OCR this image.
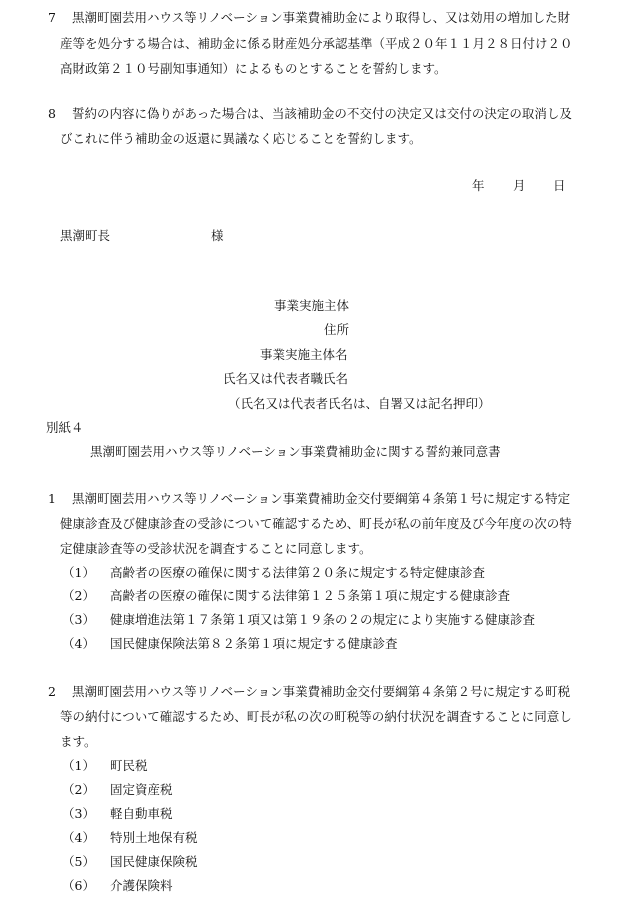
7 黒潮町園芸用ハウス等リノベーション事業費補助金により取得し、又は効用の増加した財
産等を処分する場合は、補助金に係る財産処分承認基準（平成２０年１１月２８日付け２０
高財政第２１０号副知事通知）によるものとすることを誓約します。
8 誓約の内容に偽りがあった場合は、当該補助金の不交付の決定又は交付の決定の取消し及
びこれに伴う補助金の返還に異議なく応じることを誓約します。
年 月 日
黒潮町長	様
事業実施主体
住所
事業実施主体名
氏名又は代表者職氏名
（氏名又は代表者氏名は、自署又は記名押印）
別紙４
黒潮町園芸用ハウス等リノベーション事業費補助金に関する誓約兼同意書
1 黒潮町園芸用ハウス等リノベーション事業費補助金交付要綱第４条第１号に規定する特定
健康診査及び健康診査の受診について確認するため、町長が私の前年度及び今年度の次の特
定健康診査等の受診状況を調査することに同意します。
（1） 高齢者の医療の確保に関する法律第２０条に規定する特定健康診査
（2） 高齢者の医療の確保に関する法律第１２５条第１項に規定する健康診査
（3） 健康増進法第１７条第１項又は第１９条の２の規定により実施する健康診査
（4） 国民健康保険法第８２条第１項に規定する健康診査
2 黒潮町園芸用ハウス等リノベーション事業費補助金交付要綱第４条第２号に規定する町税
等の納付について確認するため、町長が私の次の町税等の納付状況を調査することに同意し
ます。
（1） 町民税
（2） 固定資産税
（3） 軽自動車税
（4） 特別土地保有税
（5） 国民健康保険税
（6） 介護保険料
